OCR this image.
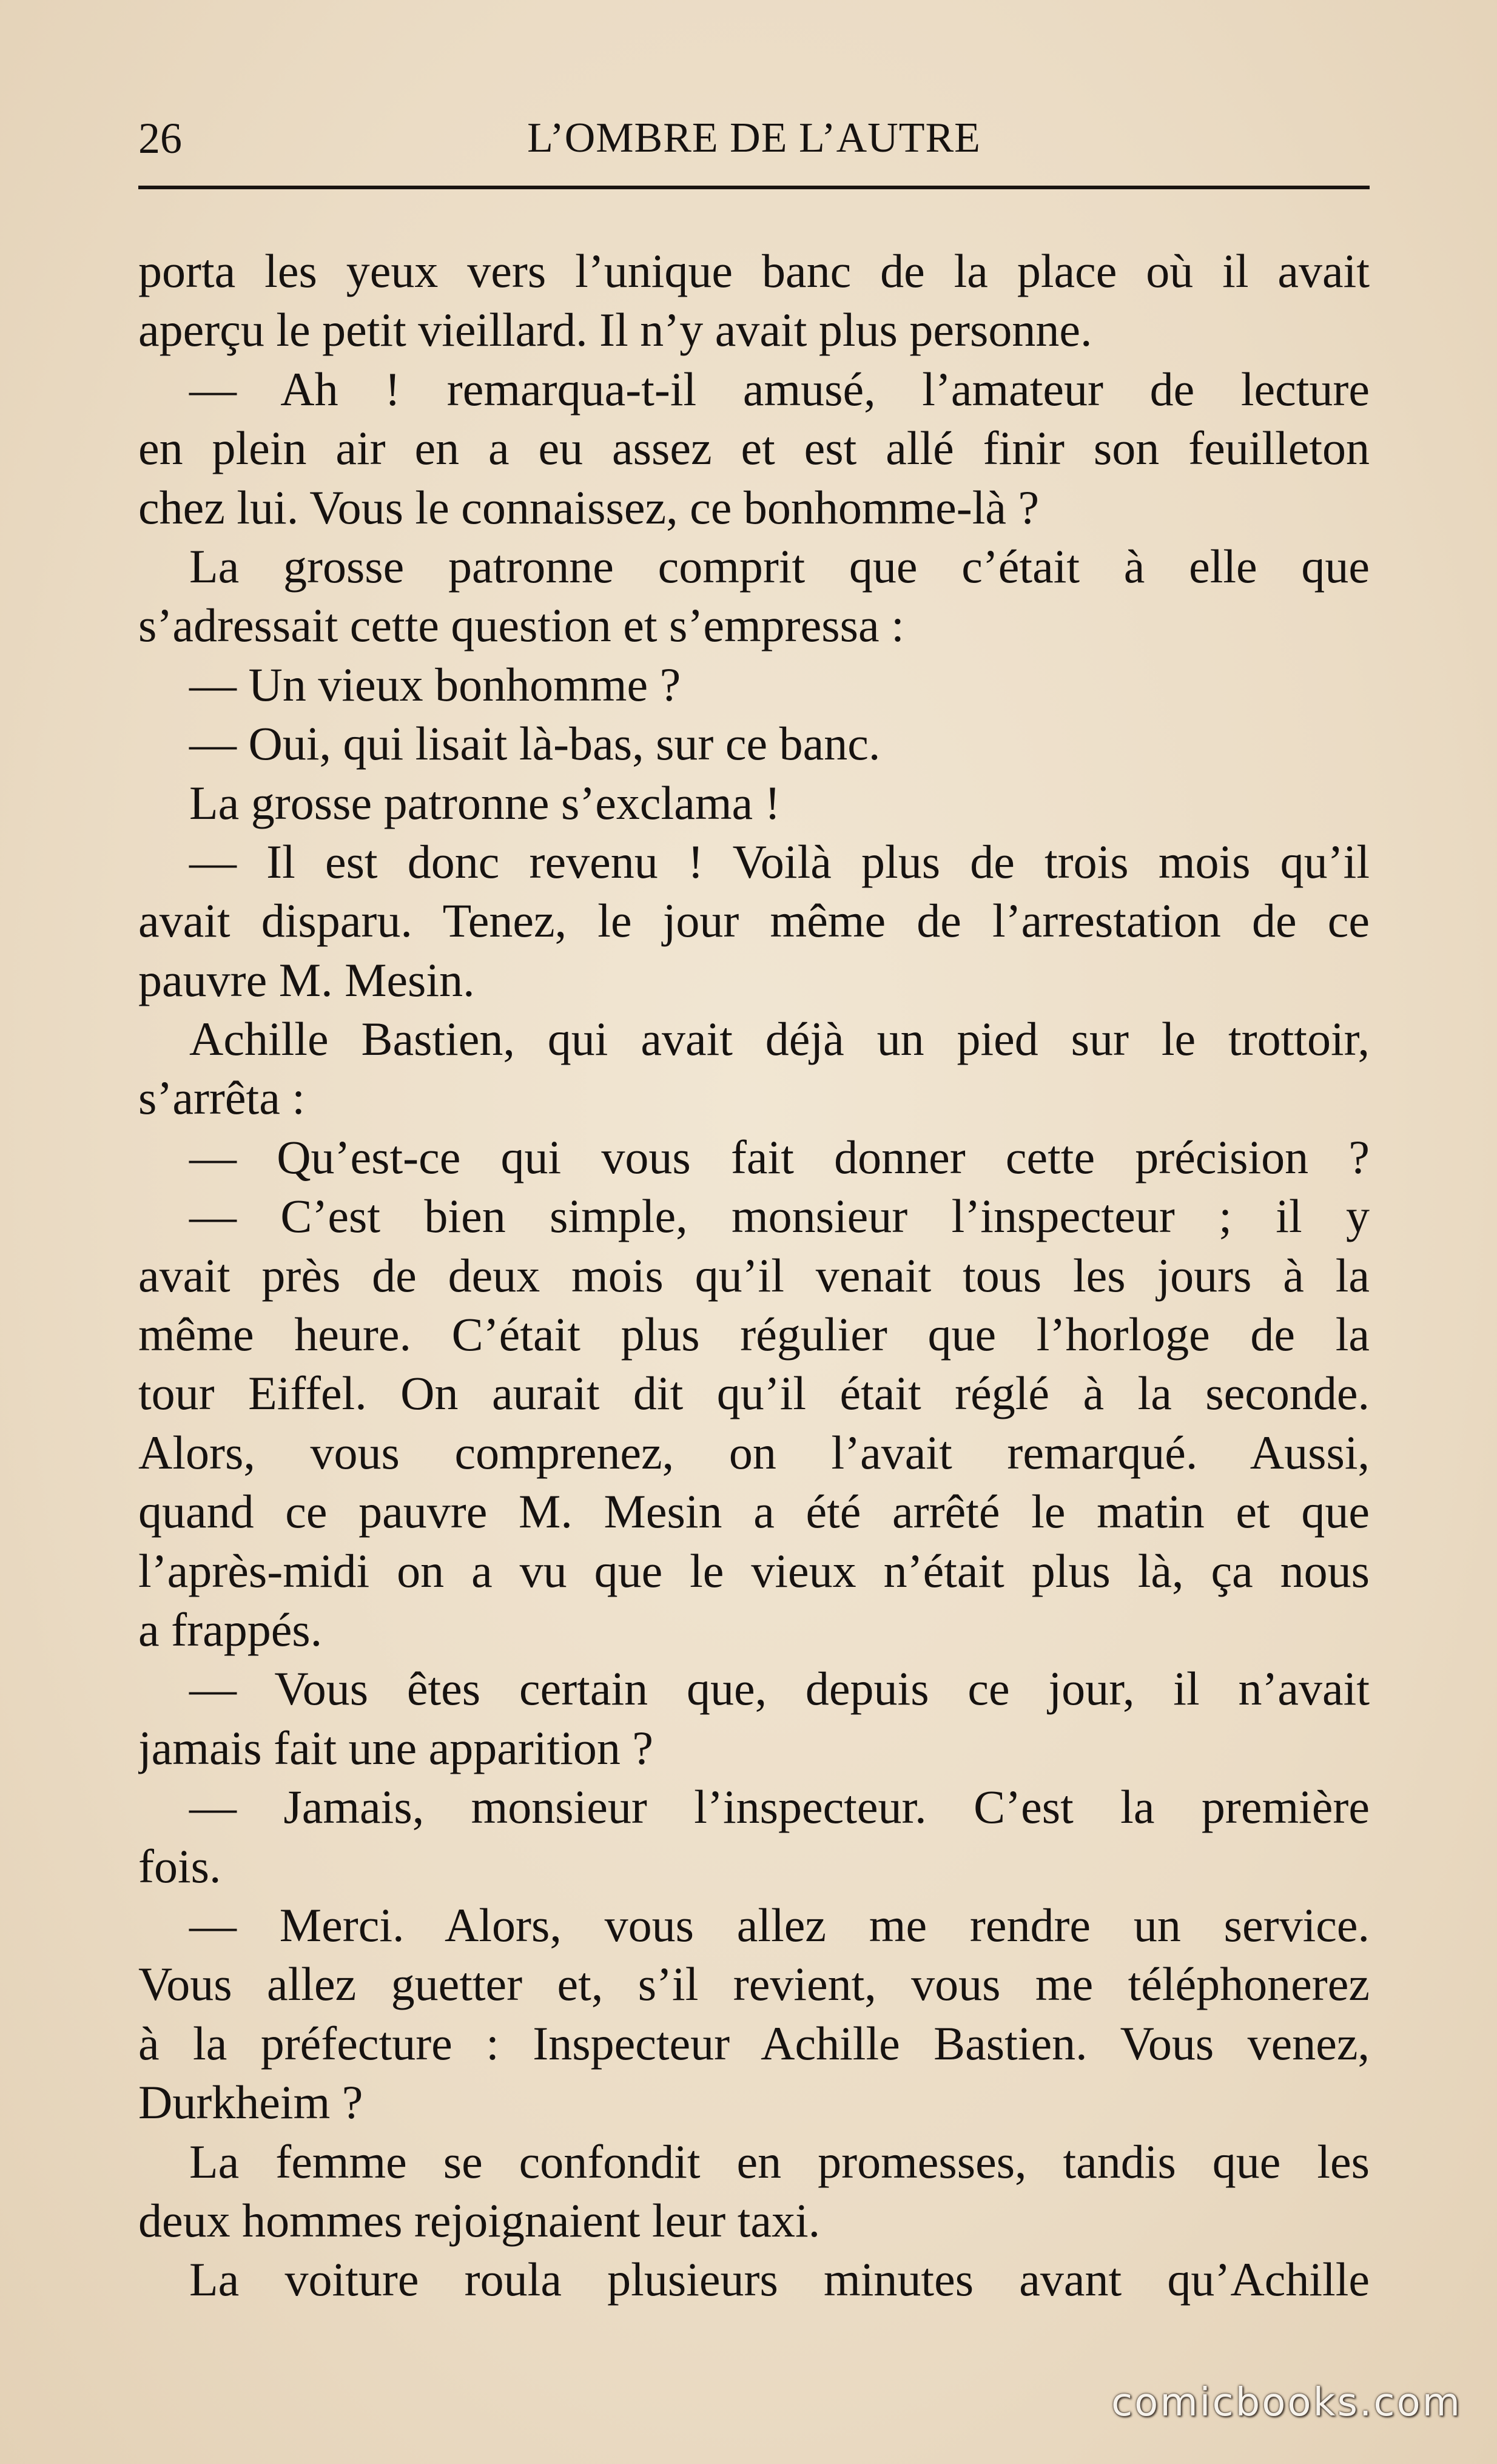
26	L’OMBRE DE L’AUTRE
porta les yeux vers l’unique banc de la place où il avait
aperçu le petit vieillard. Il n’y avait plus personne.
— Ah ! remarqua-t-il amusé, l’amateur de lecture
en plein air en a eu assez et est allé finir son feuilleton
chez lui. Vous le connaissez, ce bonhomme-là ?
La grosse patronne comprit que c’était à elle que
s’adressait cette question et s’empressa :
— Un vieux bonhomme ?
— Oui, qui lisait là-bas, sur ce banc.
La grosse patronne s’exclama !
— Il est donc revenu ! Voilà plus de trois mois qu’il
avait disparu. Tenez, le jour même de l’arrestation de ce
pauvre M. Mesin.
Achille Bastien, qui avait déjà un pied sur le trottoir,
s’arrêta :
— Qu’est-ce qui vous fait donner cette précision ?
— C’est bien simple, monsieur l’inspecteur ; il y
avait près de deux mois qu’il venait tous les jours à la
même heure. C’était plus régulier que l’horloge de la
tour Eiffel. On aurait dit qu’il était réglé à la seconde.
Alors, vous comprenez, on l’avait remarqué. Aussi,
quand ce pauvre M. Mesin a été arrêté le matin et que
l’après-midi on a vu que le vieux n’était plus là, ça nous
a frappés.
— Vous êtes certain que, depuis ce jour, il n’avait
jamais fait une apparition ?
— Jamais, monsieur l’inspecteur. C’est la première
fois.
— Merci. Alors, vous allez me rendre un service.
Vous allez guetter et, s’il revient, vous me téléphonerez
à la préfecture : Inspecteur Achille Bastien. Vous venez,
Durkheim ?
La femme se confondit en promesses, tandis que les
deux hommes rejoignaient leur taxi.
La voiture roula plusieurs minutes avant qu’Achille
comicbooks.com
